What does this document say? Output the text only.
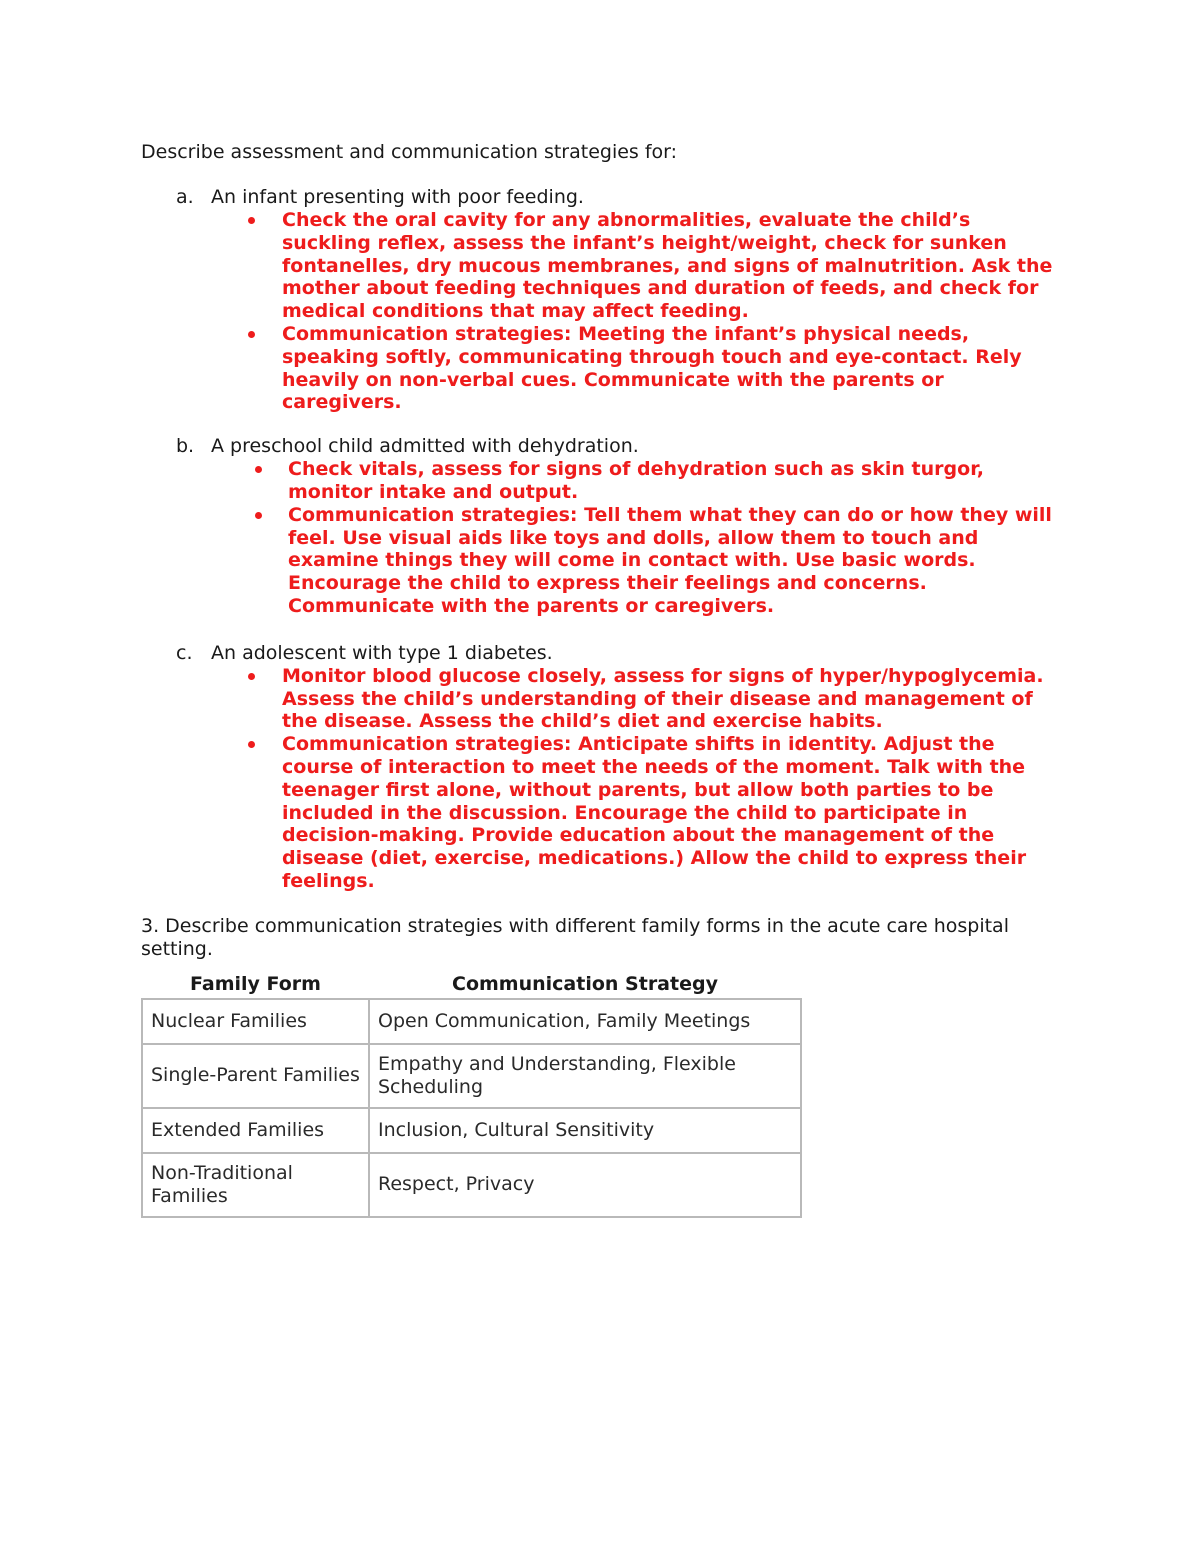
Describe assessment and communication strategies for:

a. An infant presenting with poor feeding.
Check the oral cavity for any abnormalities, evaluate the child’s suckling reflex, assess the infant’s height/weight, check for sunken fontanelles, dry mucous membranes, and signs of malnutrition. Ask the mother about feeding techniques and duration of feeds, and check for medical conditions that may affect feeding.
Communication strategies: Meeting the infant’s physical needs, speaking softly, communicating through touch and eye-contact. Rely heavily on non-verbal cues. Communicate with the parents or caregivers.
b. A preschool child admitted with dehydration.
Check vitals, assess for signs of dehydration such as skin turgor, monitor intake and output.
Communication strategies: Tell them what they can do or how they will feel. Use visual aids like toys and dolls, allow them to touch and examine things they will come in contact with. Use basic words. Encourage the child to express their feelings and concerns. Communicate with the parents or caregivers.
c. An adolescent with type 1 diabetes.
Monitor blood glucose closely, assess for signs of hyper/hypoglycemia. Assess the child’s understanding of their disease and management of the disease. Assess the child’s diet and exercise habits.
Communication strategies: Anticipate shifts in identity. Adjust the course of interaction to meet the needs of the moment. Talk with the teenager first alone, without parents, but allow both parties to be included in the discussion. Encourage the child to participate in decision-making. Provide education about the management of the disease (diet, exercise, medications.) Allow the child to express their feelings.

3. Describe communication strategies with different family forms in the acute care hospital setting.

Family Form	Communication Strategy
Nuclear Families	Open Communication, Family Meetings
Single-Parent Families	Empathy and Understanding, Flexible Scheduling
Extended Families	Inclusion, Cultural Sensitivity
Non-Traditional Families	Respect, Privacy
